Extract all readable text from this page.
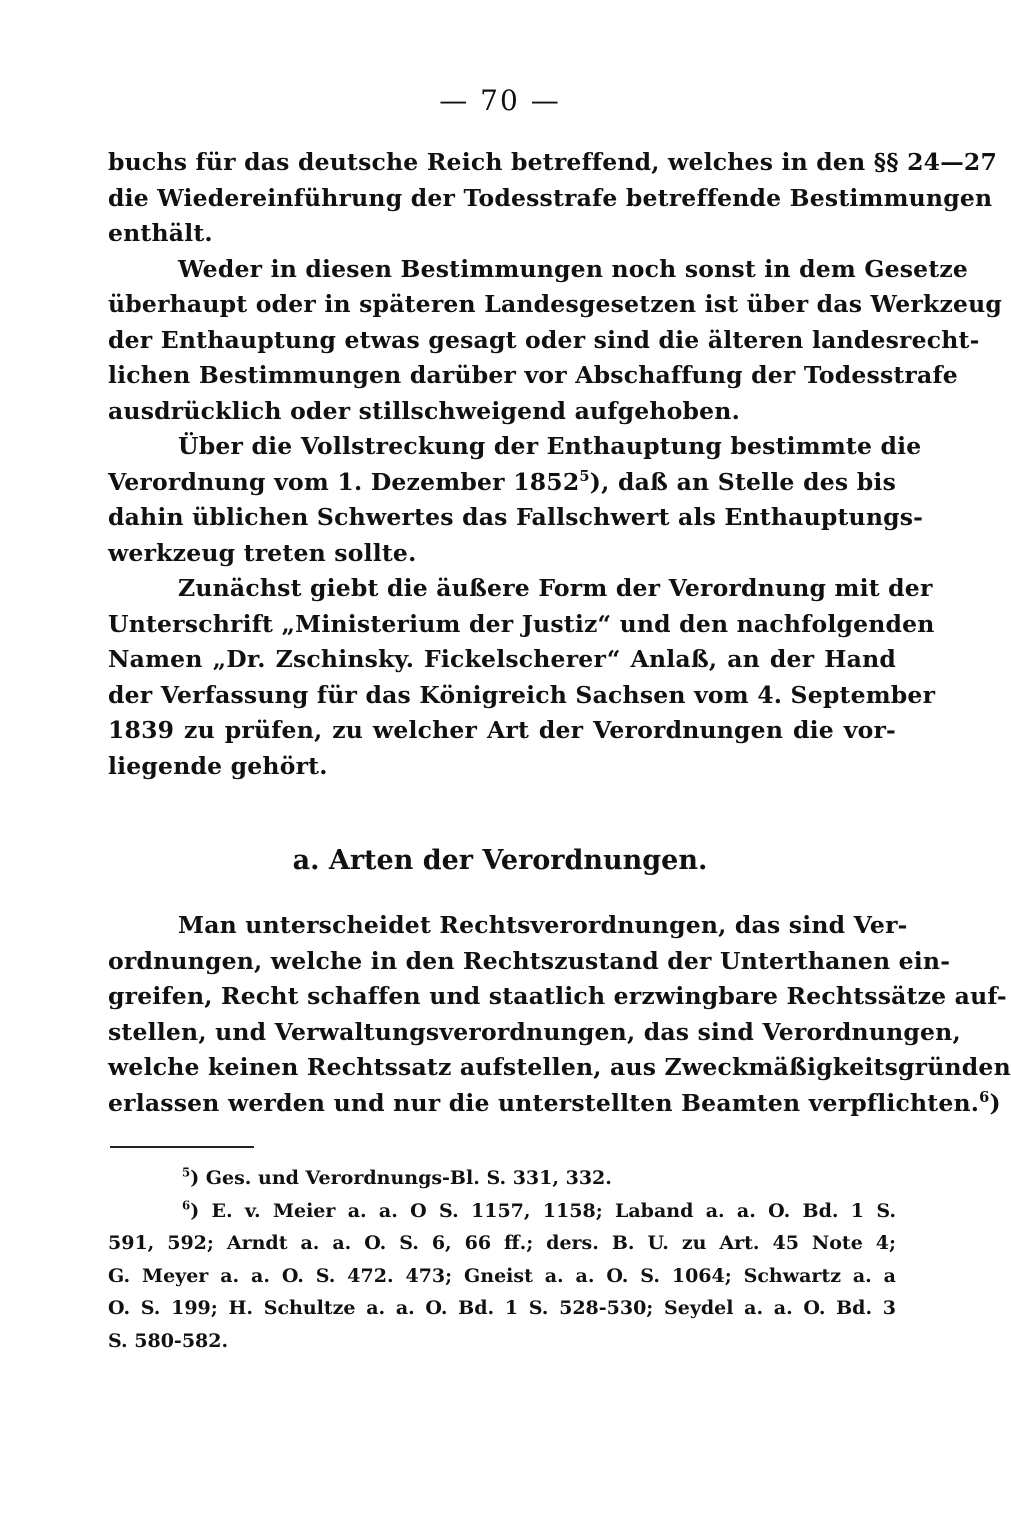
— 70 —
buchs für das deutsche Reich betreffend, welches in den §§ 24—27
die Wiedereinführung der Todesstrafe betreffende Bestimmungen
enthält.
Weder in diesen Bestimmungen noch sonst in dem Gesetze
überhaupt oder in späteren Landesgesetzen ist über das Werkzeug
der Enthauptung etwas gesagt oder sind die älteren landesrecht-
lichen Bestimmungen darüber vor Abschaffung der Todesstrafe
ausdrücklich oder stillschweigend aufgehoben.
Über die Vollstreckung der Enthauptung bestimmte die
Verordnung vom 1. Dezember 1852$^5$), daß an Stelle des bis
dahin üblichen Schwertes das Fallschwert als Enthauptungs-
werkzeug treten sollte.
Zunächst giebt die äußere Form der Verordnung mit der
Unterschrift „Ministerium der Justiz“ und den nachfolgenden
Namen „Dr. Zschinsky. Fickelscherer“ Anlaß, an der Hand
der Verfassung für das Königreich Sachsen vom 4. September
1839 zu prüfen, zu welcher Art der Verordnungen die vor-
liegende gehört.
a. Arten der Verordnungen.
Man unterscheidet Rechtsverordnungen, das sind Ver-
ordnungen, welche in den Rechtszustand der Unterthanen ein-
greifen, Recht schaffen und staatlich erzwingbare Rechtssätze auf-
stellen, und Verwaltungsverordnungen, das sind Verordnungen,
welche keinen Rechtssatz aufstellen, aus Zweckmäßigkeitsgründen
erlassen werden und nur die unterstellten Beamten verpflichten.$^6$)
$^5$) Ges. und Verordnungs-Bl. S. 331, 332.
$^6$) E. v. Meier a. a. O S. 1157, 1158; Laband a. a. O. Bd. 1 S.
591, 592; Arndt a. a. O. S. 6, 66 ff.; ders. B. U. zu Art. 45 Note 4;
G. Meyer a. a. O. S. 472. 473; Gneist a. a. O. S. 1064; Schwartz a. a
O. S. 199; H. Schultze a. a. O. Bd. 1 S. 528-530; Seydel a. a. O. Bd. 3
S. 580-582.
